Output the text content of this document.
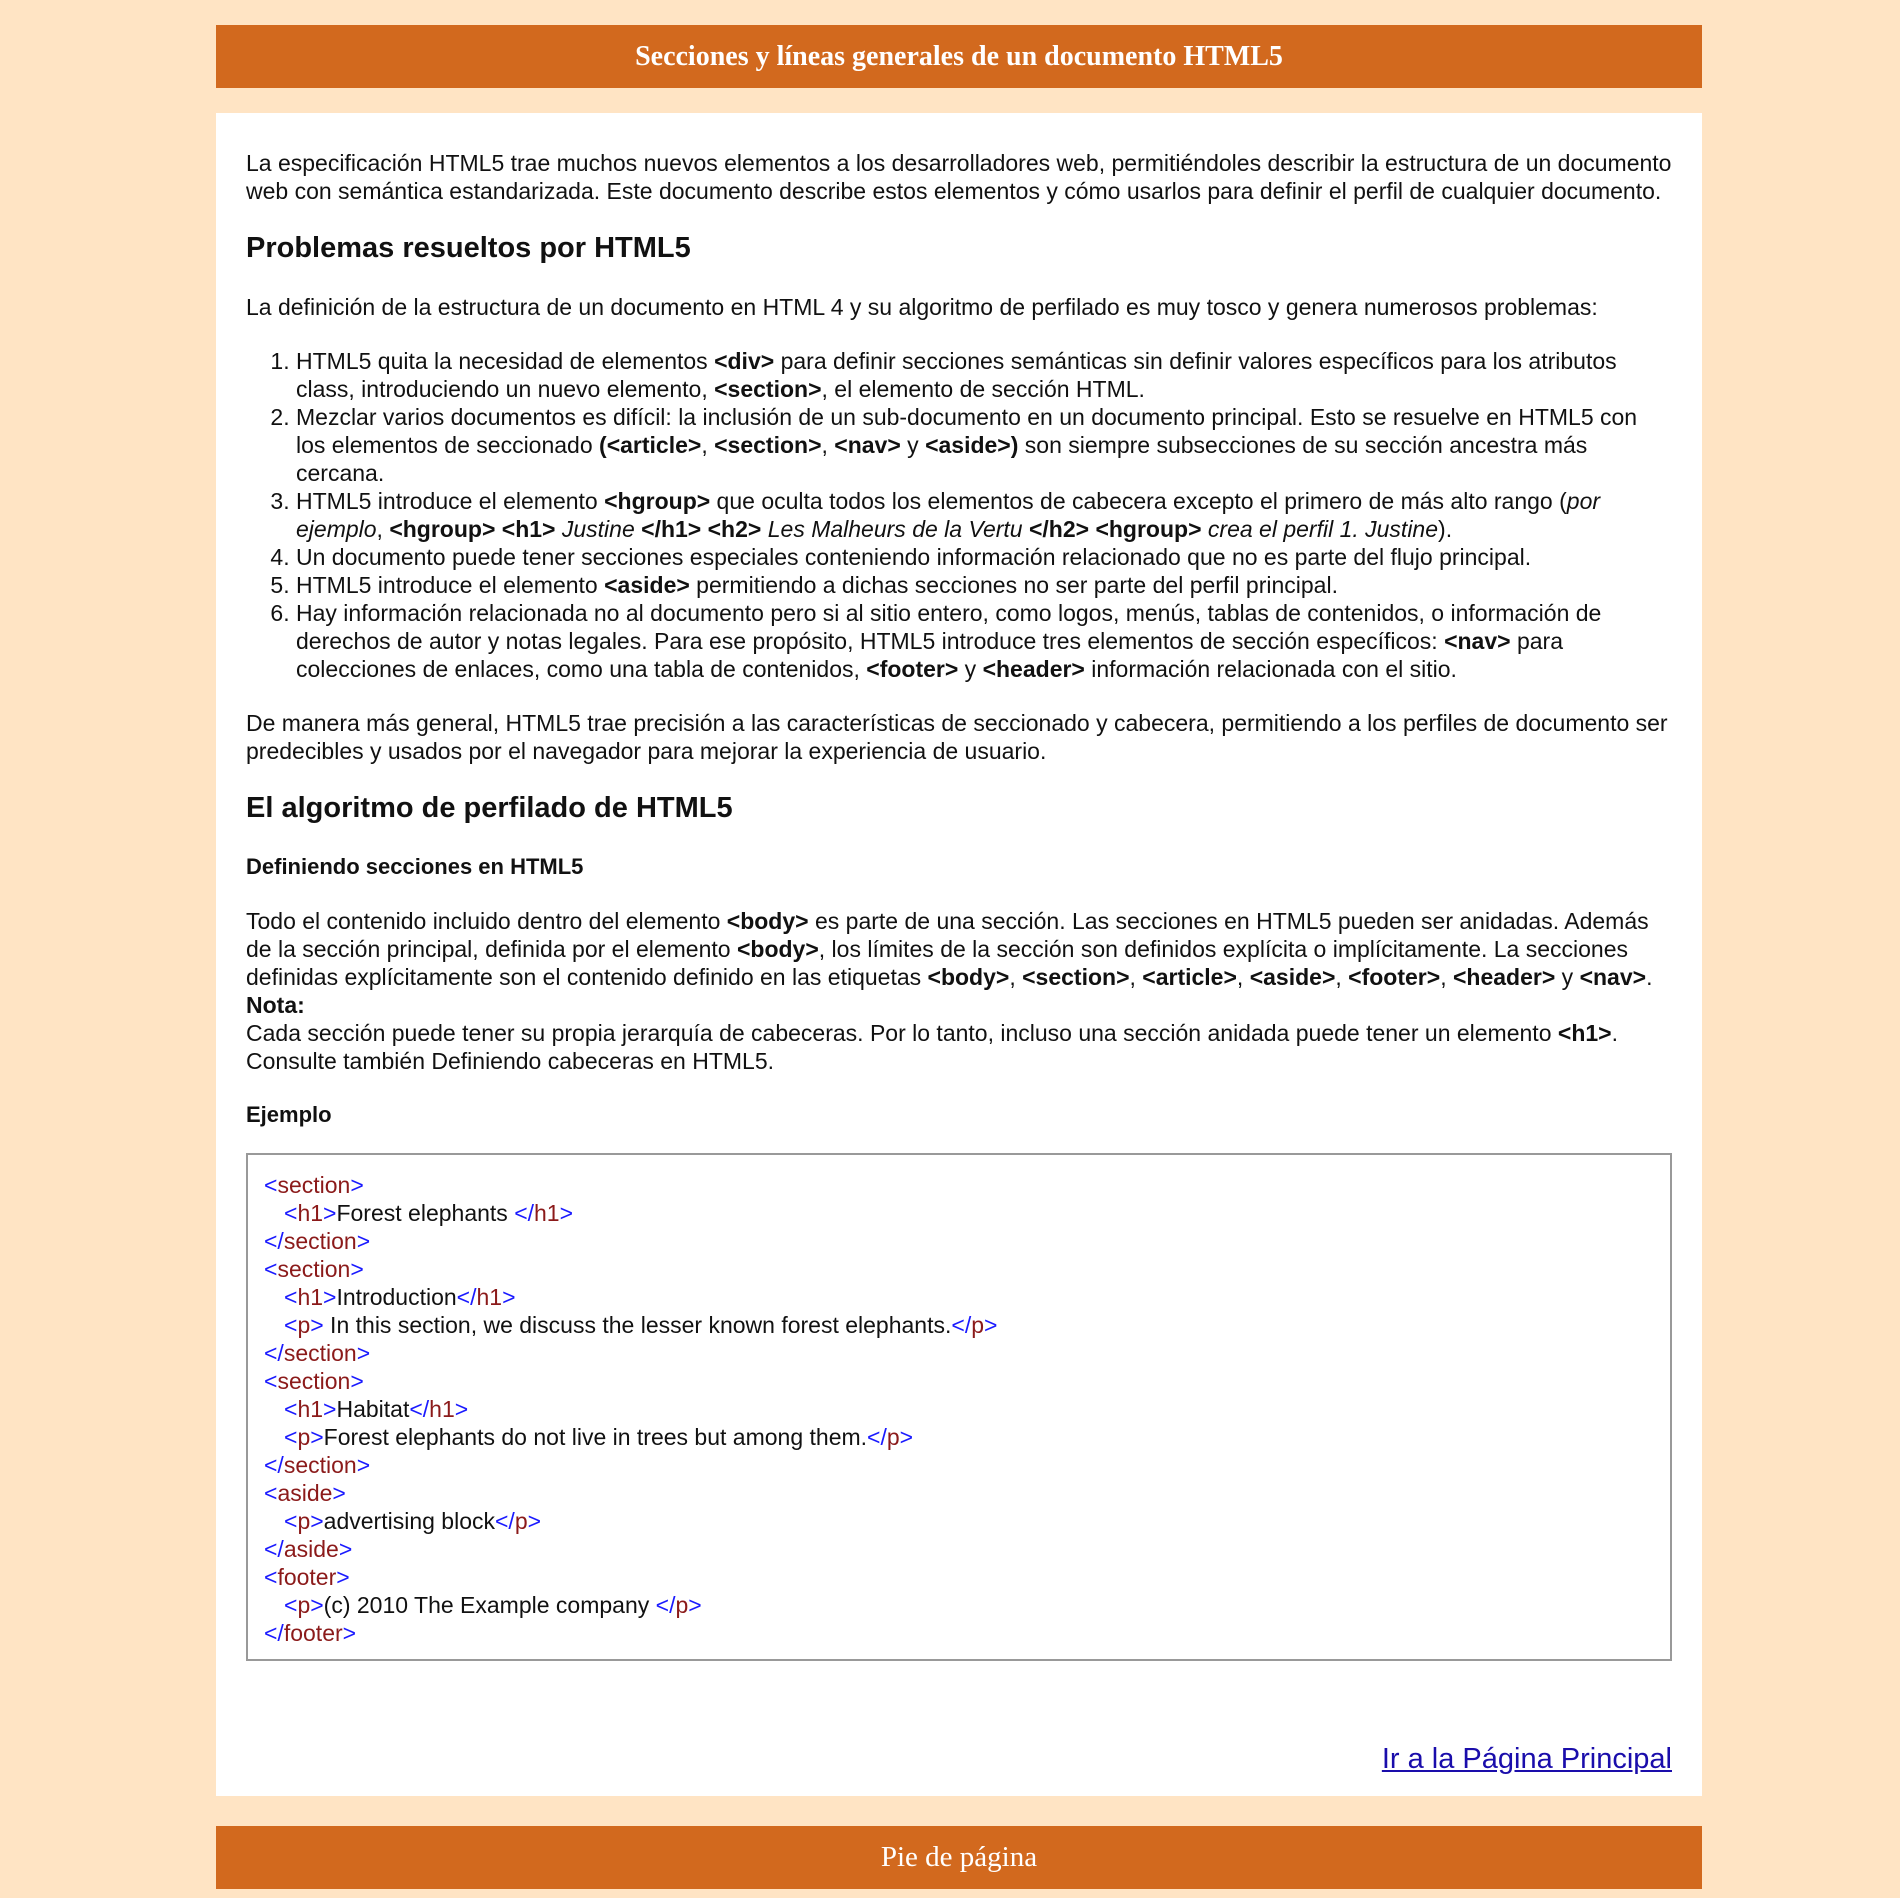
Secciones y líneas generales de un documento HTML5

La especificación HTML5 trae muchos nuevos elementos a los desarrolladores web, permitiéndoles describir la estructura de un documento web con semántica estandarizada. Este documento describe estos elementos y cómo usarlos para definir el perfil de cualquier documento.

Problemas resueltos por HTML5

La definición de la estructura de un documento en HTML 4 y su algoritmo de perfilado es muy tosco y genera numerosos problemas:

1. HTML5 quita la necesidad de elementos <div> para definir secciones semánticas sin definir valores específicos para los atributos class, introduciendo un nuevo elemento, <section>, el elemento de sección HTML.
2. Mezclar varios documentos es difícil: la inclusión de un sub-documento en un documento principal. Esto se resuelve en HTML5 con los elementos de seccionado (<article>, <section>, <nav> y <aside>) son siempre subsecciones de su sección ancestra más cercana.
3. HTML5 introduce el elemento <hgroup> que oculta todos los elementos de cabecera excepto el primero de más alto rango (por ejemplo, <hgroup> <h1> Justine </h1> <h2> Les Malheurs de la Vertu </h2> <hgroup> crea el perfil 1. Justine).
4. Un documento puede tener secciones especiales conteniendo información relacionado que no es parte del flujo principal.
5. HTML5 introduce el elemento <aside> permitiendo a dichas secciones no ser parte del perfil principal.
6. Hay información relacionada no al documento pero si al sitio entero, como logos, menús, tablas de contenidos, o información de derechos de autor y notas legales. Para ese propósito, HTML5 introduce tres elementos de sección específicos: <nav> para colecciones de enlaces, como una tabla de contenidos, <footer> y <header> información relacionada con el sitio.

De manera más general, HTML5 trae precisión a las características de seccionado y cabecera, permitiendo a los perfiles de documento ser predecibles y usados por el navegador para mejorar la experiencia de usuario.

El algoritmo de perfilado de HTML5
Definiendo secciones en HTML5

Todo el contenido incluido dentro del elemento <body> es parte de una sección. Las secciones en HTML5 pueden ser anidadas. Además de la sección principal, definida por el elemento <body>, los límites de la sección son definidos explícita o implícitamente. La secciones definidas explícitamente son el contenido definido en las etiquetas <body>, <section>, <article>, <aside>, <footer>, <header> y <nav>.

Nota:

Cada sección puede tener su propia jerarquía de cabeceras. Por lo tanto, incluso una sección anidada puede tener un elemento <h1>. Consulte también Definiendo cabeceras en HTML5.

Ejemplo
<section>
<h1>Forest elephants </h1>
</section>
<section>
<h1>Introduction</h1>
<p> In this section, we discuss the lesser known forest elephants.</p>
</section>
<section>
<h1>Habitat</h1>
<p>Forest elephants do not live in trees but among them.</p>
</section>
<aside>
<p>advertising block</p>
</aside>
<footer>
<p>(c) 2010 The Example company </p>
</footer>
Ir a la Página Principal
Pie de página
